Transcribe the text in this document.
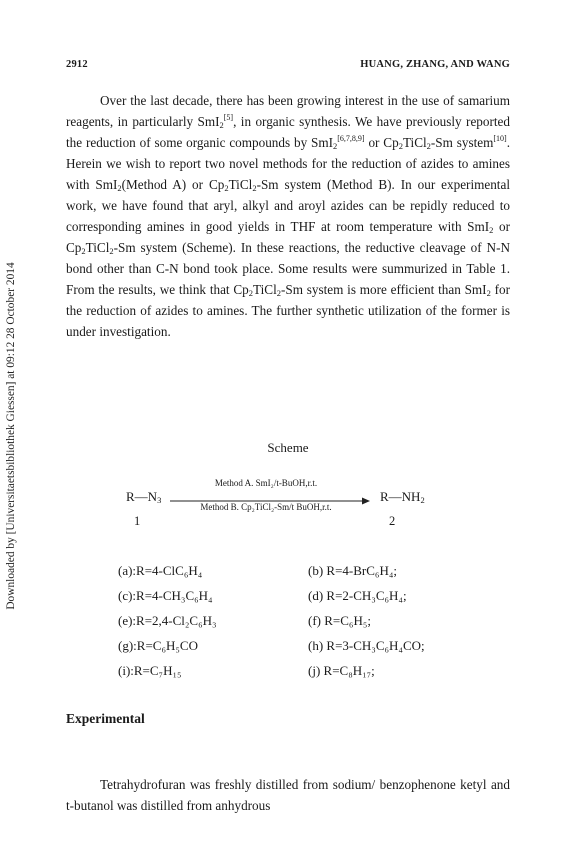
2912	HUANG, ZHANG, AND WANG
Downloaded by [Universitaetsbibliothek Giessen] at 09:12 28 October 2014

Over the last decade, there has been growing interest in the use of samarium reagents, in particularly SmI$_2$[5], in organic synthesis. We have previously reported the reduction of some organic compounds by SmI$_2$[6,7,8,9] or $Cp_2TiCl_2-Sm$ system[10]. Herein we wish to report two novel methods for the reduction of azides to amines with SmI$_2$(Method A) or $Cp_2TiCl_2-Sm$ system (Method B). In our experimental work, we have found that aryl, alkyl and aroyl azides can be repidly reduced to corresponding amines in good yields in THF at room temperature with SmI$_2$ or $Cp_2TiCl_2-Sm$ system (Scheme). In these reactions, the reductive cleavage of N-N bond other than C-N bond took place. Some results were summurized in Table 1. From the results, we think that $Cp_2TiCl_2-Sm$ system is more efficient than SmI$_2$ for the reduction of azides to amines. The further synthetic utilization of the former is under investigation.

Scheme
$R—N_3$
Method A. SmI₂/t-BuOH,r.t.
Method B. Cp₂TiCl₂-Sm/t BuOH,r.t.
$R—NH_2$
1	2
(a):R=4-ClC₆H₄	(b) R=4-BrC₆H₄;
(c):R=4-CH₃C₆H₄	(d) R=2-CH₃C₆H₄;
(e):R=2,4-Cl₂C₆H₃	(f) R=C₆H₅;
(g):R=C₆H₅CO	(h) R=3-CH₃C₆H₄CO;
(i):R=C₇H₁₅	(j) R=C₈H₁₇;
Experimental

Tetrahydrofuran was freshly distilled from sodium/ benzophenone ketyl and t-butanol was distilled from anhydrous
